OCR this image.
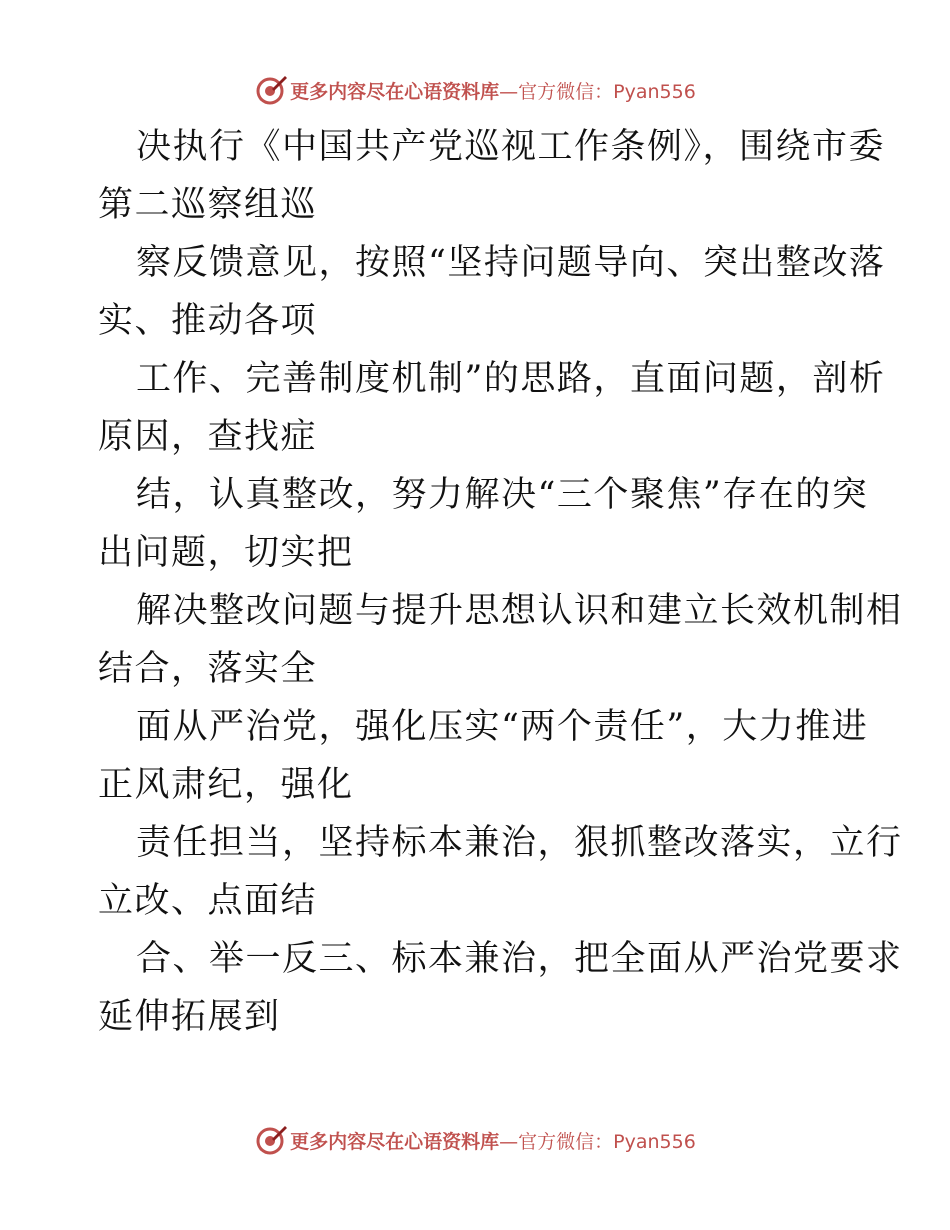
更多内容尽在心语资料库 —官方微信：Pyan556

决执行《中国共产党巡视工作条例》，围绕市委
第二巡察组巡

察反馈意见，按照“坚持问题导向、突出整改落
实、推动各项

工作、完善制度机制”的思路，直面问题，剖析
原因，查找症

结，认真整改，努力解决“三个聚焦”存在的突
出问题，切实把

解决整改问题与提升思想认识和建立长效机制相
结合，落实全

面从严治党，强化压实“两个责任”，大力推进
正风肃纪，强化

责任担当，坚持标本兼治，狠抓整改落实，立行
立改、点面结

合、举一反三、标本兼治，把全面从严治党要求
延伸拓展到

更多内容尽在心语资料库 —官方微信：Pyan556
